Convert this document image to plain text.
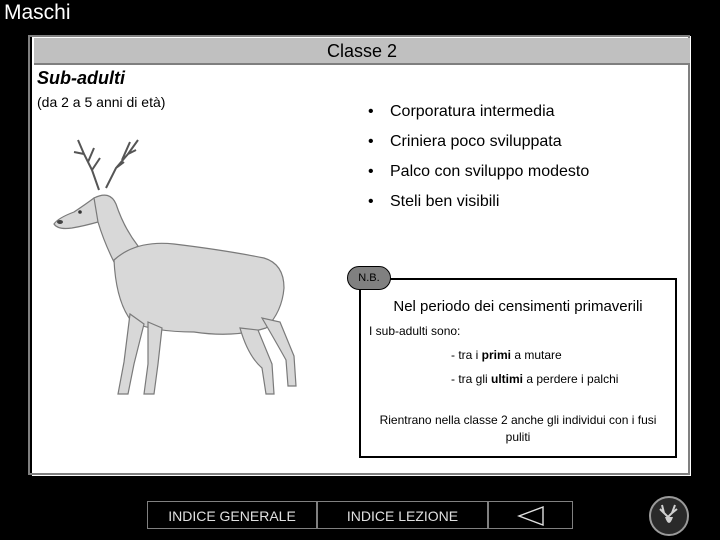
Maschi
Classe 2
Sub-adulti
(da 2 a 5 anni di età)
• Corporatura intermedia
• Criniera poco sviluppata
• Palco con sviluppo modesto
• Steli ben visibili
Nel periodo dei censimenti primaverili
I sub-adulti sono:
- tra i primi a mutare
- tra gli ultimi a perdere i palchi
Rientrano nella classe 2 anche gli individui con i fusi puliti
N.B.
INDICE GENERALE	INDICE LEZIONE
